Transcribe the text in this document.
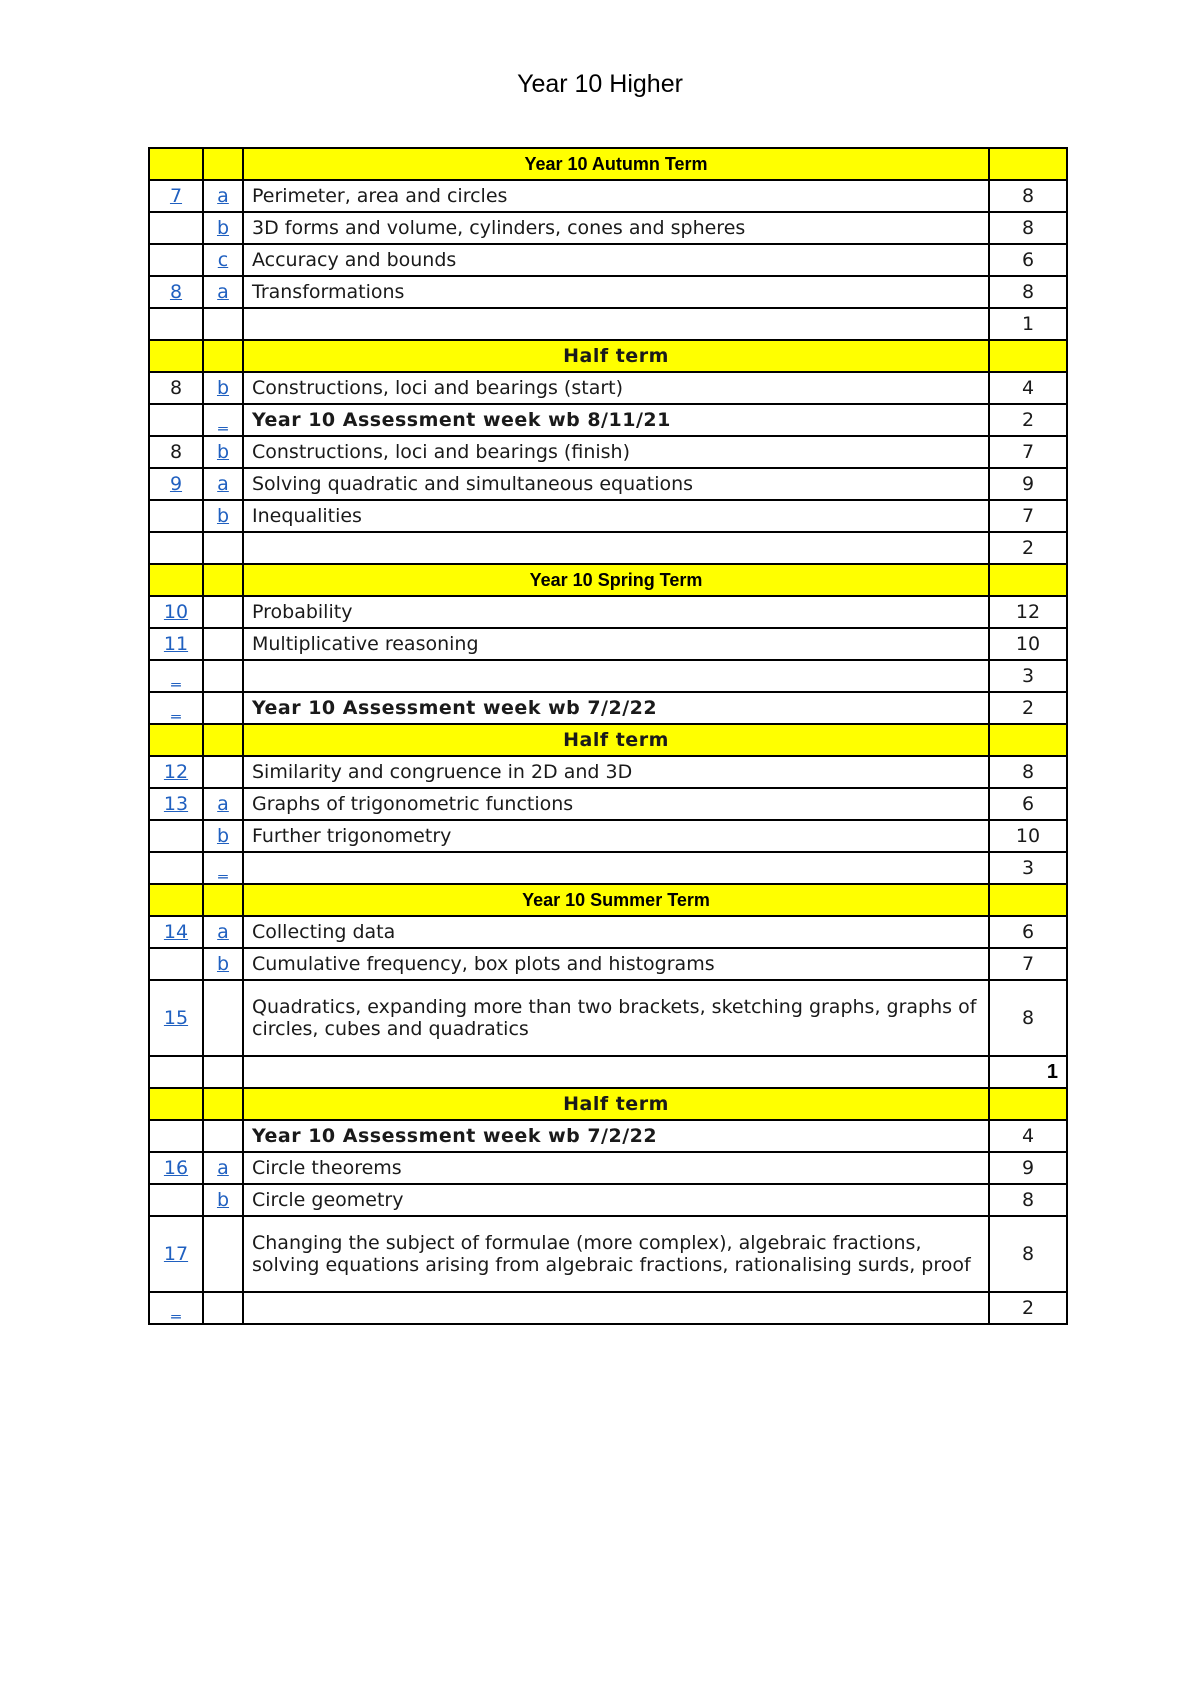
Year 10 Higher
		Year 10 Autumn Term	
7	a	Perimeter, area and circles	8
	b	3D forms and volume, cylinders, cones and spheres	8
	c	Accuracy and bounds	6
8	a	Transformations	8
			1
		Half term	
8	b	Constructions, loci and bearings (start)	4
	_	Year 10 Assessment week wb 8/11/21	2
8	b	Constructions, loci and bearings (finish)	7
9	a	Solving quadratic and simultaneous equations	9
	b	Inequalities	7
			2
		Year 10 Spring Term	
10		Probability	12
11		Multiplicative reasoning	10
_			3
_		Year 10 Assessment week wb 7/2/22	2
		Half term	
12		Similarity and congruence in 2D and 3D	8
13	a	Graphs of trigonometric functions	6
	b	Further trigonometry	10
	_		3
		Year 10 Summer Term	
14	a	Collecting data	6
	b	Cumulative frequency, box plots and histograms	7
15		Quadratics, expanding more than two brackets, sketching graphs, graphs of circles, cubes and quadratics	8
			1
		Half term	
		Year 10 Assessment week wb 7/2/22	4
16	a	Circle theorems	9
	b	Circle geometry	8
17		Changing the subject of formulae (more complex), algebraic fractions, solving equations arising from algebraic fractions, rationalising surds, proof	8
_			2
